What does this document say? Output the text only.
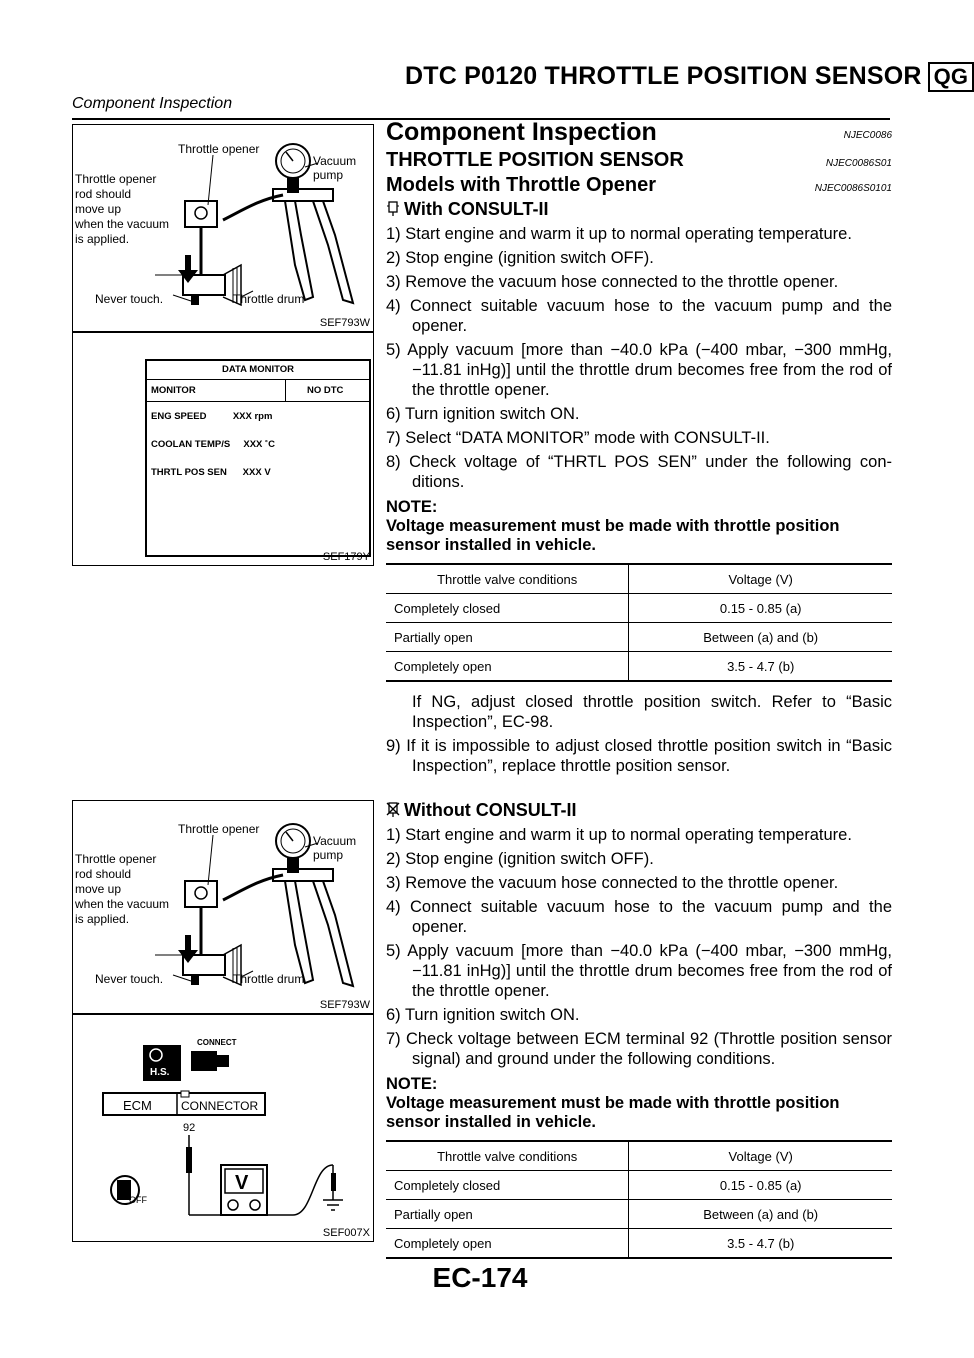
DTC P0120 THROTTLE POSITION SENSOR QG
Component Inspection
Throttle opener
Vacuum
pump
Throttle opener
rod should
move up
when the vacuum
is applied.
Never touch.	Throttle drum
SEF793W
DATA MONITOR
MONITOR	NO DTC
ENG SPEED          XXX rpm
COOLAN TEMP/S     XXX ˚C
THRTL POS SEN      XXX V
SEF179Y
Throttle opener
Vacuum
pump
Throttle opener
rod should
move up
when the vacuum
is applied.
Never touch.	Throttle drum
SEF793W
H.S.
CONNECT
ECM CONNECTOR
92
V
OFF
SEF007X
Component Inspection	NJEC0086
THROTTLE POSITION SENSOR	NJEC0086S01
Models with Throttle Opener	NJEC0086S0101
With CONSULT-II

1) Start engine and warm it up to normal operating temperature.

2) Stop engine (ignition switch OFF).

3) Remove the vacuum hose connected to the throttle opener.

4) Connect suitable vacuum hose to the vacuum pump and the opener.

5) Apply vacuum [more than −40.0 kPa (−400 mbar, −300 mmHg, −11.81 inHg)] until the throttle drum becomes free from the rod of the throttle opener.

6) Turn ignition switch ON.

7) Select “DATA MONITOR” mode with CONSULT-II.

8) Check voltage of “THRTL POS SEN” under the following con- ditions.

NOTE:
Voltage measurement must be made with throttle position sensor installed in vehicle.
Throttle valve conditions	Voltage (V)
Completely closed	0.15 - 0.85 (a)
Partially open	Between (a) and (b)
Completely open	3.5 - 4.7 (b)
If NG, adjust closed throttle position switch. Refer to “Basic Inspection”, EC-98.

9) If it is impossible to adjust closed throttle position switch in “Basic Inspection”, replace throttle position sensor.

Without CONSULT-II

1) Start engine and warm it up to normal operating temperature.

2) Stop engine (ignition switch OFF).

3) Remove the vacuum hose connected to the throttle opener.

4) Connect suitable vacuum hose to the vacuum pump and the opener.

5) Apply vacuum [more than −40.0 kPa (−400 mbar, −300 mmHg, −11.81 inHg)] until the throttle drum becomes free from the rod of the throttle opener.

6) Turn ignition switch ON.

7) Check voltage between ECM terminal 92 (Throttle position sensor signal) and ground under the following conditions.

NOTE:
Voltage measurement must be made with throttle position sensor installed in vehicle.
Throttle valve conditions	Voltage (V)
Completely closed	0.15 - 0.85 (a)
Partially open	Between (a) and (b)
Completely open	3.5 - 4.7 (b)
EC-174
